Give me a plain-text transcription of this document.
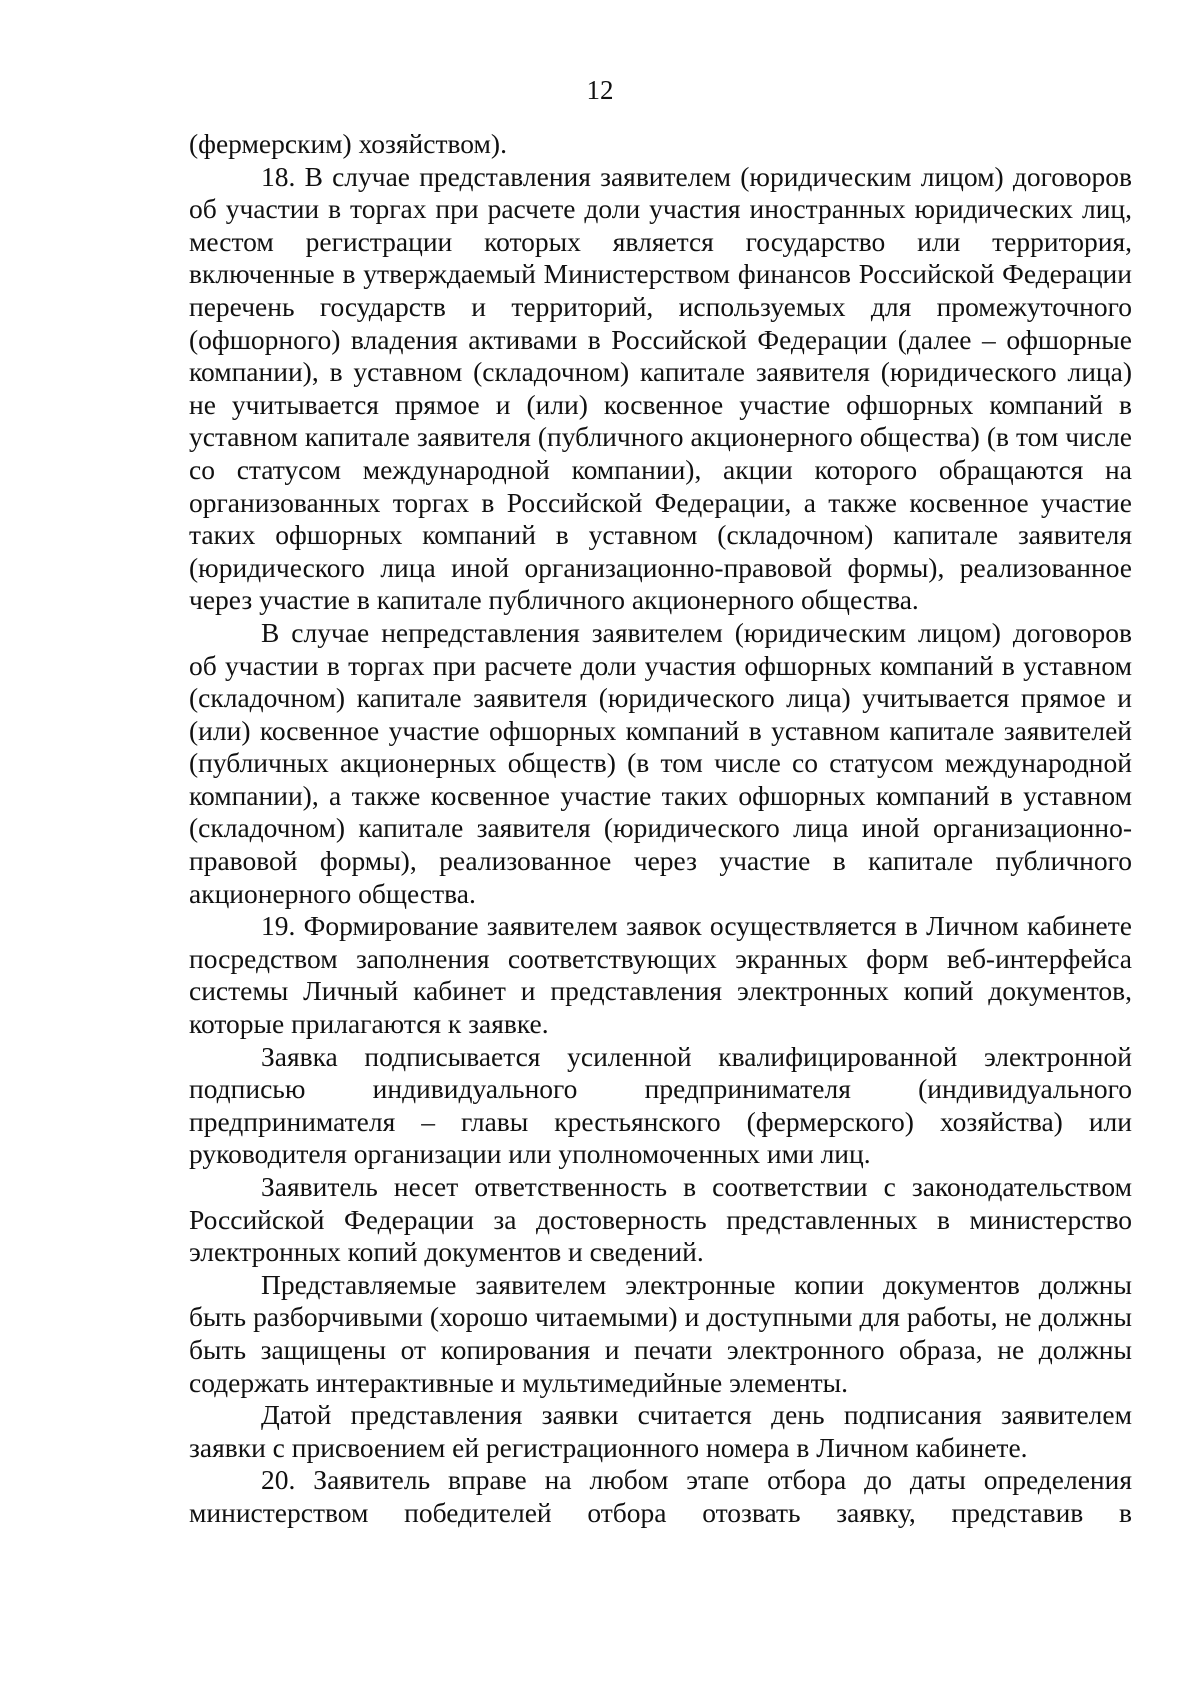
12

(фермерским) хозяйством).

18. В случае представления заявителем (юридическим лицом) договоров об участии в торгах при расчете доли участия иностранных юридических лиц, местом регистрации которых является государство или территория, включенные в утверждаемый Министерством финансов Российской Федерации перечень государств и территорий, используемых для промежуточного (офшорного) владения активами в Российской Федерации (далее – офшорные компании), в уставном (складочном) капитале заявителя (юридического лица) не учитывается прямое и (или) косвенное участие офшорных компаний в уставном капитале заявителя (публичного акционерного общества) (в том числе со статусом международной компании), акции которого обращаются на организованных торгах в Российской Федерации, а также косвенное участие таких офшорных компаний в уставном (складочном) капитале заявителя (юридического лица иной организационно-правовой формы), реализованное через участие в капитале публичного акционерного общества.

В случае непредставления заявителем (юридическим лицом) договоров об участии в торгах при расчете доли участия офшорных компаний в уставном (складочном) капитале заявителя (юридического лица) учитывается прямое и (или) косвенное участие офшорных компаний в уставном капитале заявителей (публичных акционерных обществ) (в том числе со статусом международной компании), а также косвенное участие таких офшорных компаний в уставном (складочном) капитале заявителя (юридического лица иной организационно-правовой формы), реализованное через участие в капитале публичного акционерного общества.

19. Формирование заявителем заявок осуществляется в Личном кабинете посредством заполнения соответствующих экранных форм веб-интерфейса системы Личный кабинет и представления электронных копий документов, которые прилагаются к заявке.

Заявка подписывается усиленной квалифицированной электронной подписью индивидуального предпринимателя (индивидуального предпринимателя – главы крестьянского (фермерского) хозяйства) или руководителя организации или уполномоченных ими лиц.

Заявитель несет ответственность в соответствии с законодательством Российской Федерации за достоверность представленных в министерство электронных копий документов и сведений.

Представляемые заявителем электронные копии документов должны быть разборчивыми (хорошо читаемыми) и доступными для работы, не должны быть защищены от копирования и печати электронного образа, не должны содержать интерактивные и мультимедийные элементы.

Датой представления заявки считается день подписания заявителем заявки с присвоением ей регистрационного номера в Личном кабинете.

20. Заявитель вправе на любом этапе отбора до даты определения министерством победителей отбора отозвать заявку, представив в
